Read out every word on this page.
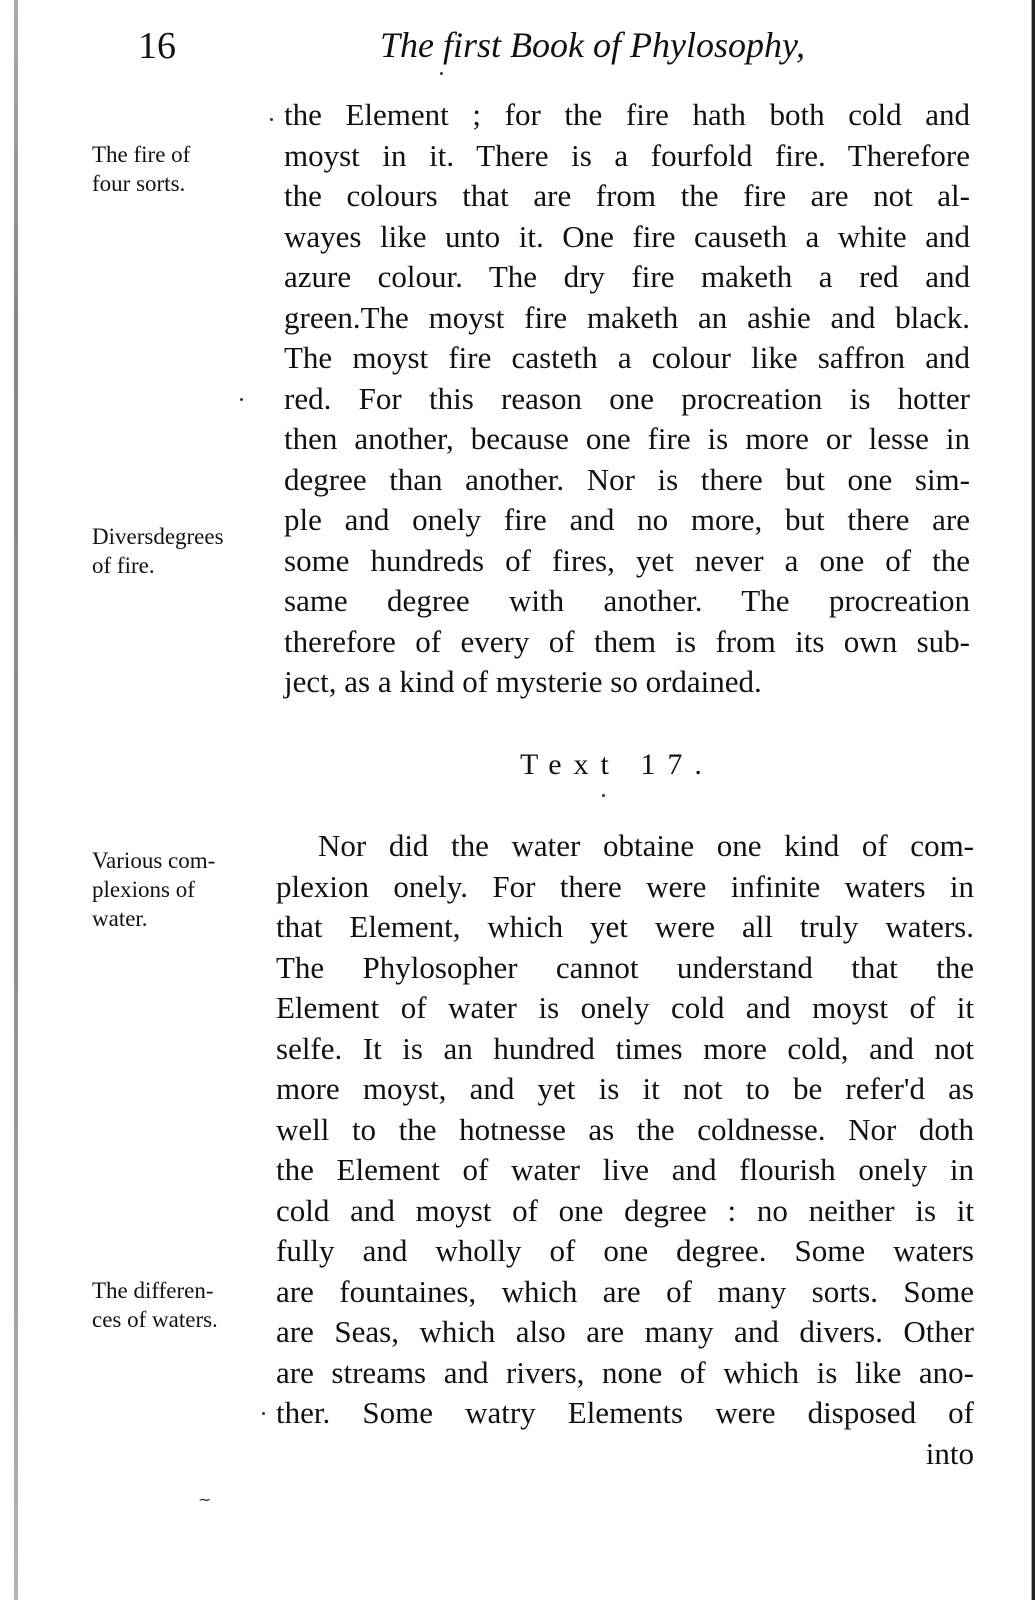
16	The first Book of Phylosophy,
The fire of
four sorts.
Diversdegrees
of fire.
Various com-
plexions of
water.
The differen-
ces of waters.
the Element ; for the fire hath both cold and
moyst in it. There is a fourfold fire. Therefore
the colours that are from the fire are not al-
wayes like unto it. One fire causeth a white and
azure colour. The dry fire maketh a red and
green.The moyst fire maketh an ashie and black.
The moyst fire casteth a colour like saffron and
red. For this reason one procreation is hotter
then another, because one fire is more or lesse in
degree than another. Nor is there but one sim-
ple and onely fire and no more, but there are
some hundreds of fires, yet never a one of the
same degree with another. The procreation
therefore of every of them is from its own sub-
ject, as a kind of mysterie so ordained.
Text 17.
Nor did the water obtaine one kind of com-
plexion onely. For there were infinite waters in
that Element, which yet were all truly waters.
The Phylosopher cannot understand that the
Element of water is onely cold and moyst of it
selfe. It is an hundred times more cold, and not
more moyst, and yet is it not to be refer'd as
well to the hotnesse as the coldnesse. Nor doth
the Element of water live and flourish onely in
cold and moyst of one degree : no neither is it
fully and wholly of one degree. Some waters
are fountaines, which are of many sorts. Some
are Seas, which also are many and divers. Other
are streams and rivers, none of which is like ano-
ther. Some watry Elements were disposed of
into
~
